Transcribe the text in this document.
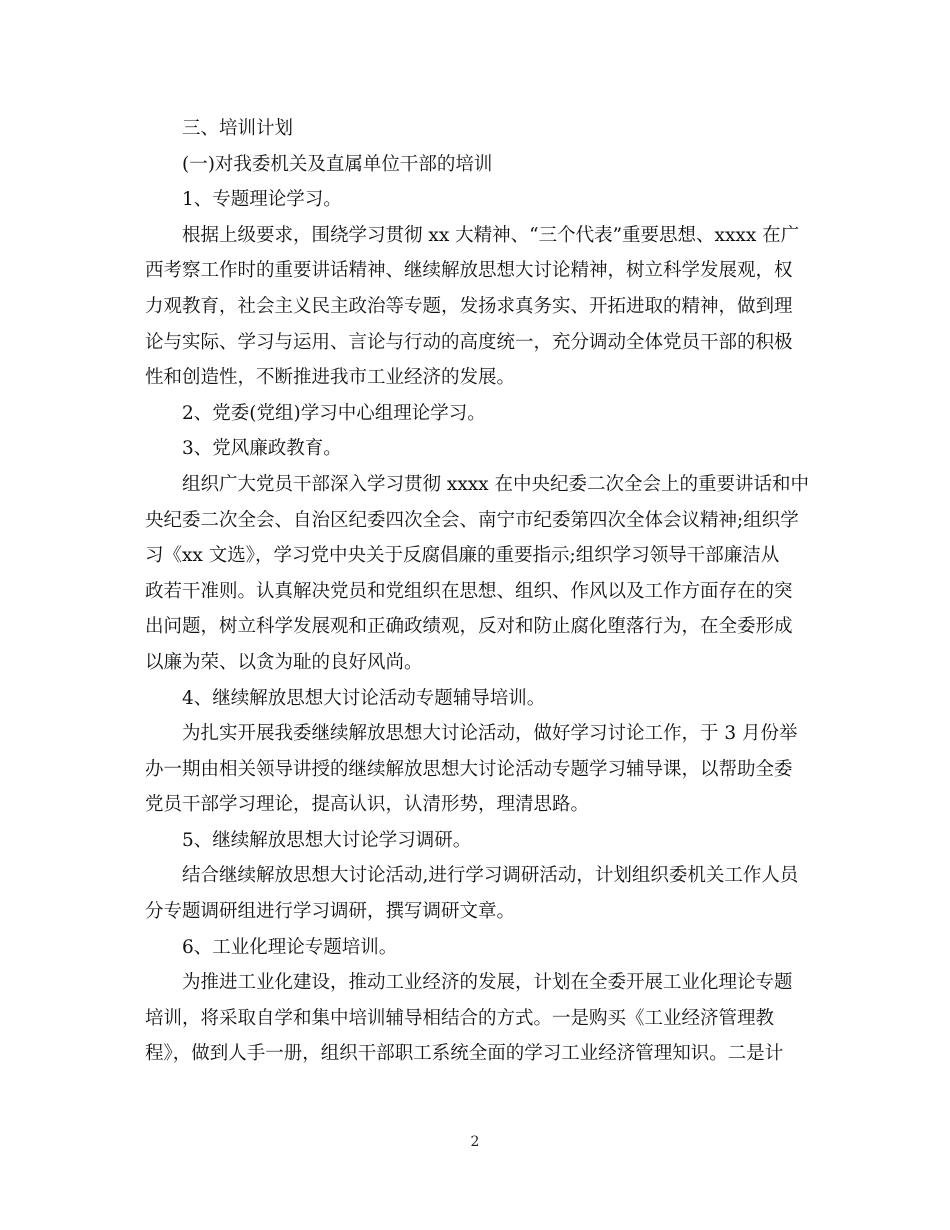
三、培训计划
(一)对我委机关及直属单位干部的培训
1、专题理论学习。
根据上级要求，围绕学习贯彻 xx 大精神、“三个代表”重要思想、xxxx 在广
西考察工作时的重要讲话精神、继续解放思想大讨论精神，树立科学发展观，权
力观教育，社会主义民主政治等专题，发扬求真务实、开拓进取的精神，做到理
论与实际、学习与运用、言论与行动的高度统一，充分调动全体党员干部的积极
性和创造性，不断推进我市工业经济的发展。
2、党委(党组)学习中心组理论学习。
3、党风廉政教育。
组织广大党员干部深入学习贯彻 xxxx 在中央纪委二次全会上的重要讲话和中
央纪委二次全会、自治区纪委四次全会、南宁市纪委第四次全体会议精神;组织学
习《xx 文选》，学习党中央关于反腐倡廉的重要指示;组织学习领导干部廉洁从
政若干准则。认真解决党员和党组织在思想、组织、作风以及工作方面存在的突
出问题，树立科学发展观和正确政绩观，反对和防止腐化堕落行为，在全委形成
以廉为荣、以贪为耻的良好风尚。
4、继续解放思想大讨论活动专题辅导培训。
为扎实开展我委继续解放思想大讨论活动，做好学习讨论工作，于 3 月份举
办一期由相关领导讲授的继续解放思想大讨论活动专题学习辅导课，以帮助全委
党员干部学习理论，提高认识，认清形势，理清思路。
5、继续解放思想大讨论学习调研。
结合继续解放思想大讨论活动,进行学习调研活动，计划组织委机关工作人员
分专题调研组进行学习调研，撰写调研文章。
6、工业化理论专题培训。
为推进工业化建设，推动工业经济的发展，计划在全委开展工业化理论专题
培训，将采取自学和集中培训辅导相结合的方式。一是购买《工业经济管理教
程》，做到人手一册，组织干部职工系统全面的学习工业经济管理知识。二是计
2
